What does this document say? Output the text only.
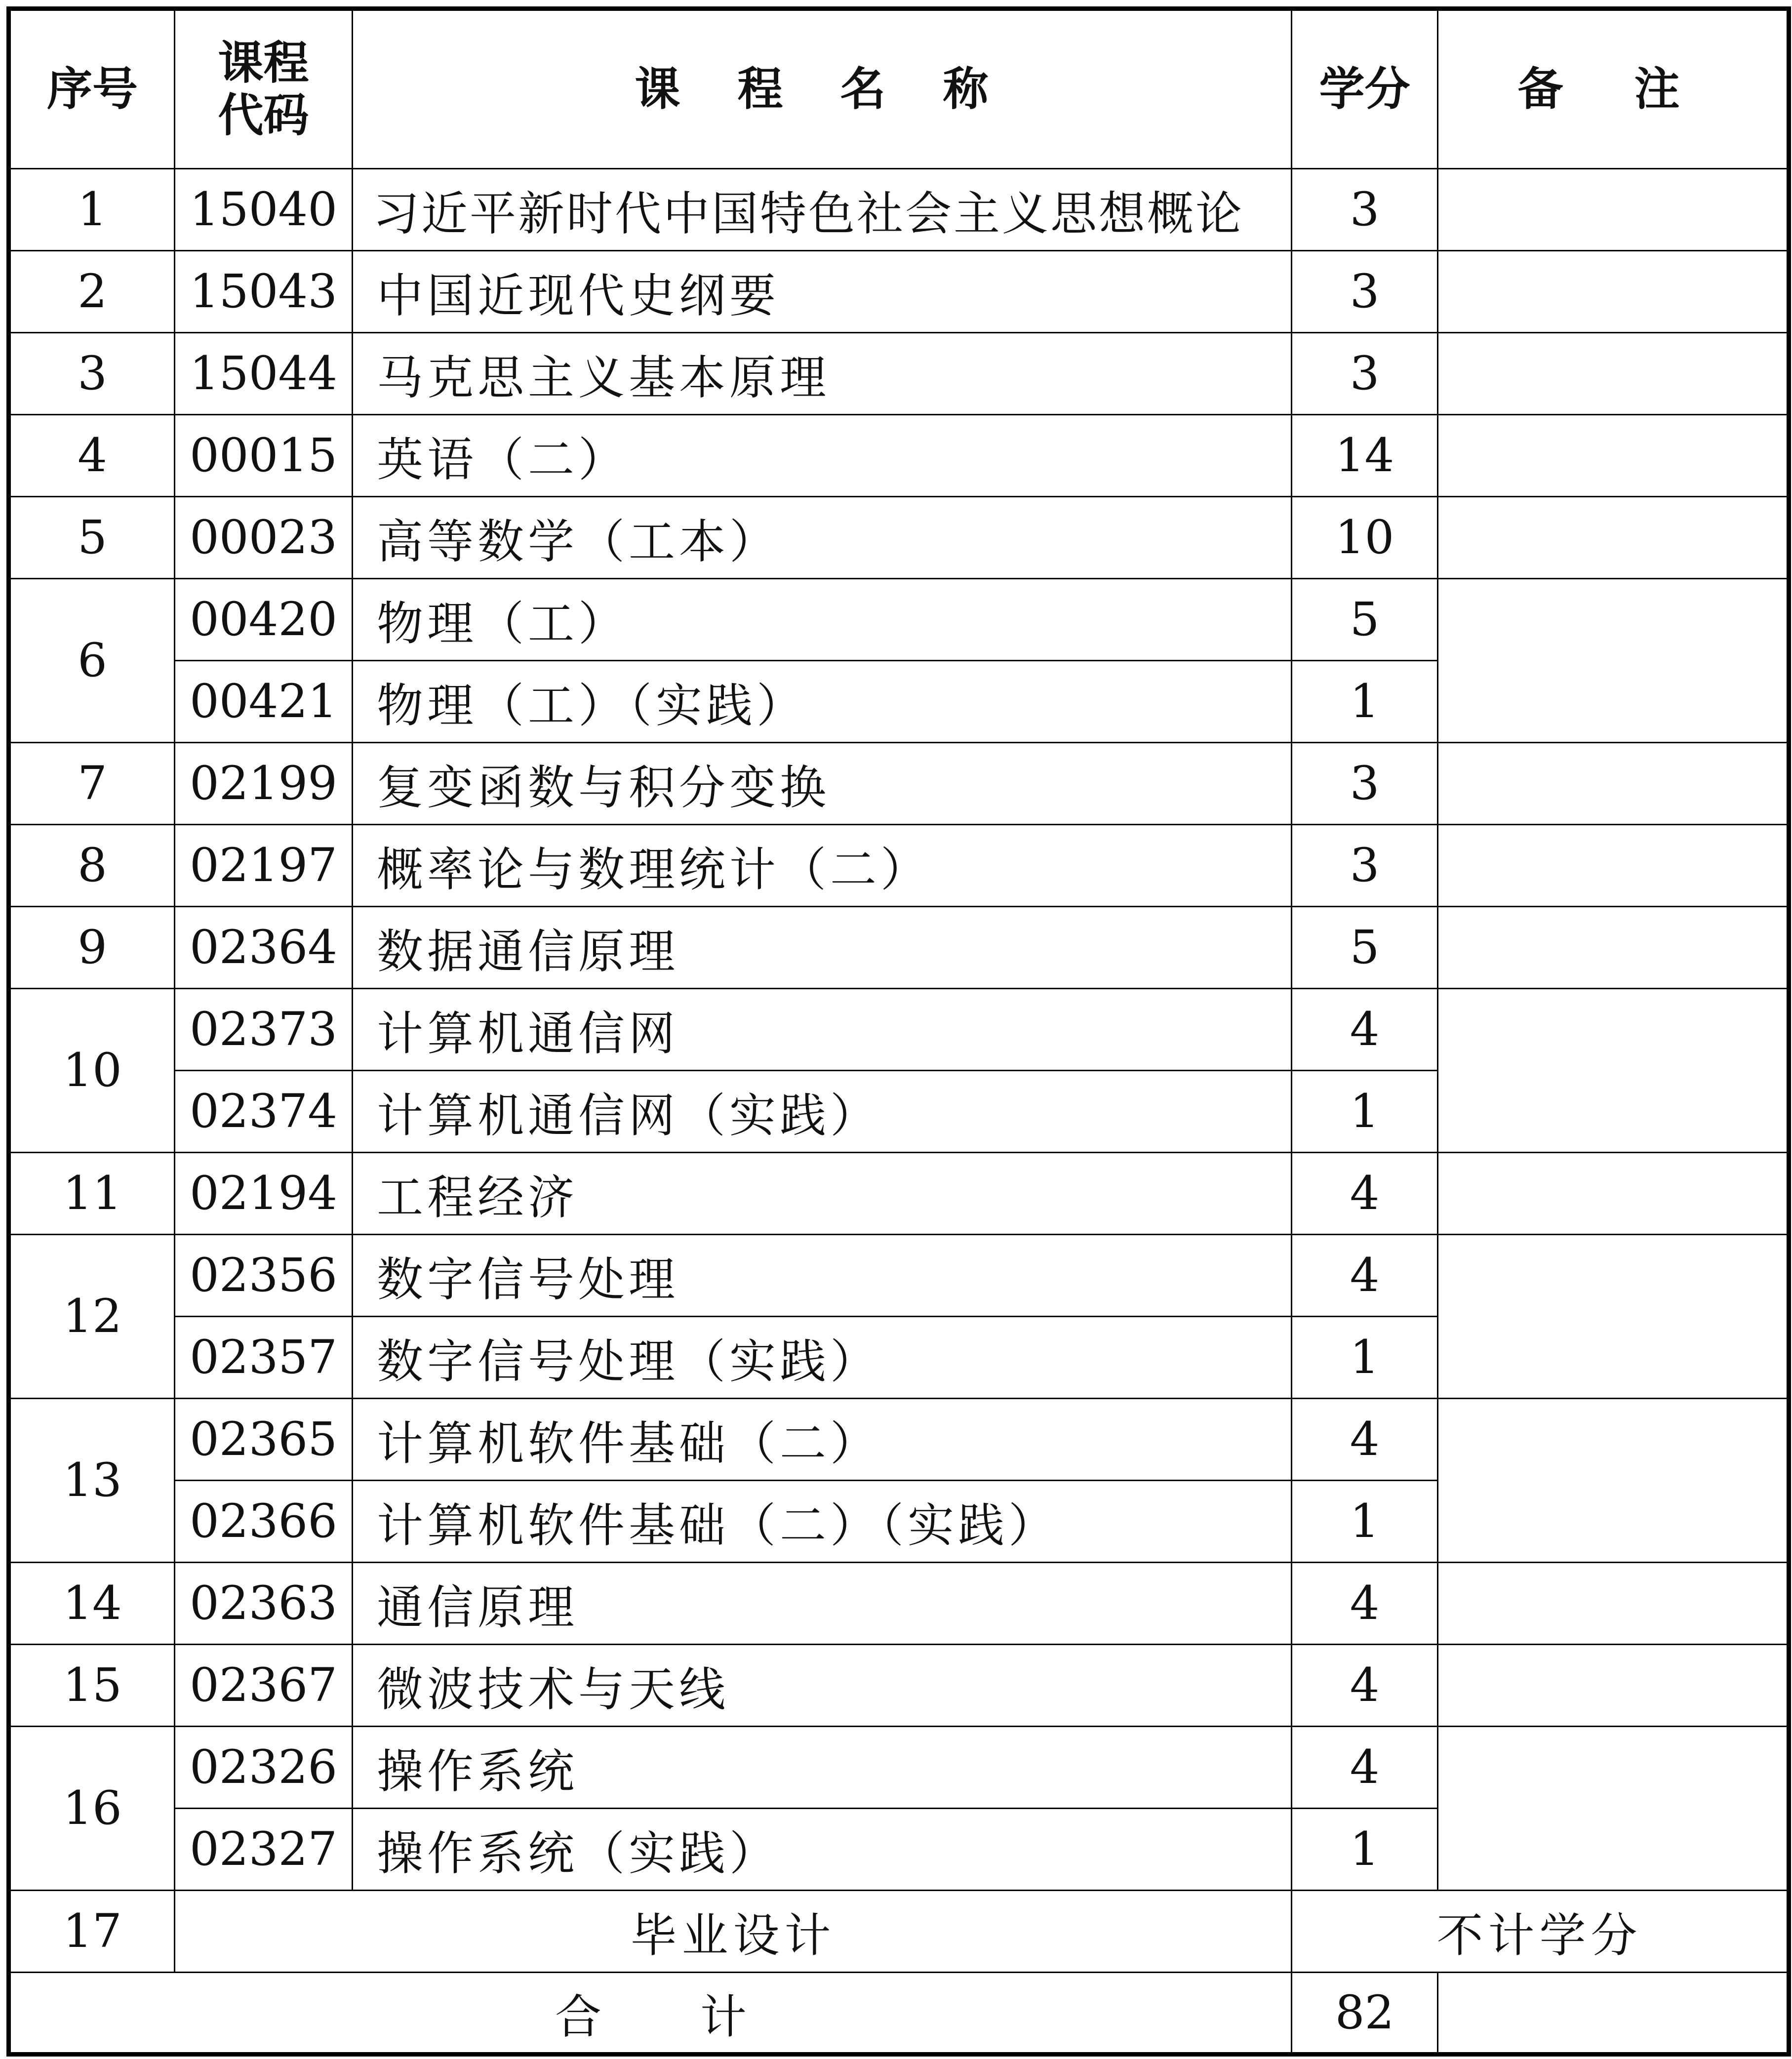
序号	课程代码	课 程 名 称	学分	备 注
1	15040	习近平新时代中国特色社会主义思想概论	3	
2	15043	中国近现代史纲要	3	
3	15044	马克思主义基本原理	3	
4	00015	英语（二）	14	
5	00023	高等数学（工本）	10	
6	00420	物理（工）	5	
	00421	物理（工）（实践）	1	
7	02199	复变函数与积分变换	3	
8	02197	概率论与数理统计（二）	3	
9	02364	数据通信原理	5	
10	02373	计算机通信网	4	
	02374	计算机通信网（实践）	1	
11	02194	工程经济	4	
12	02356	数字信号处理	4	
	02357	数字信号处理（实践）	1	
13	02365	计算机软件基础（二）	4	
	02366	计算机软件基础（二）（实践）	1	
14	02363	通信原理	4	
15	02367	微波技术与天线	4	
16	02326	操作系统	4	
	02327	操作系统（实践）	1	
17	毕业设计		不计学分	
合 计			82	
